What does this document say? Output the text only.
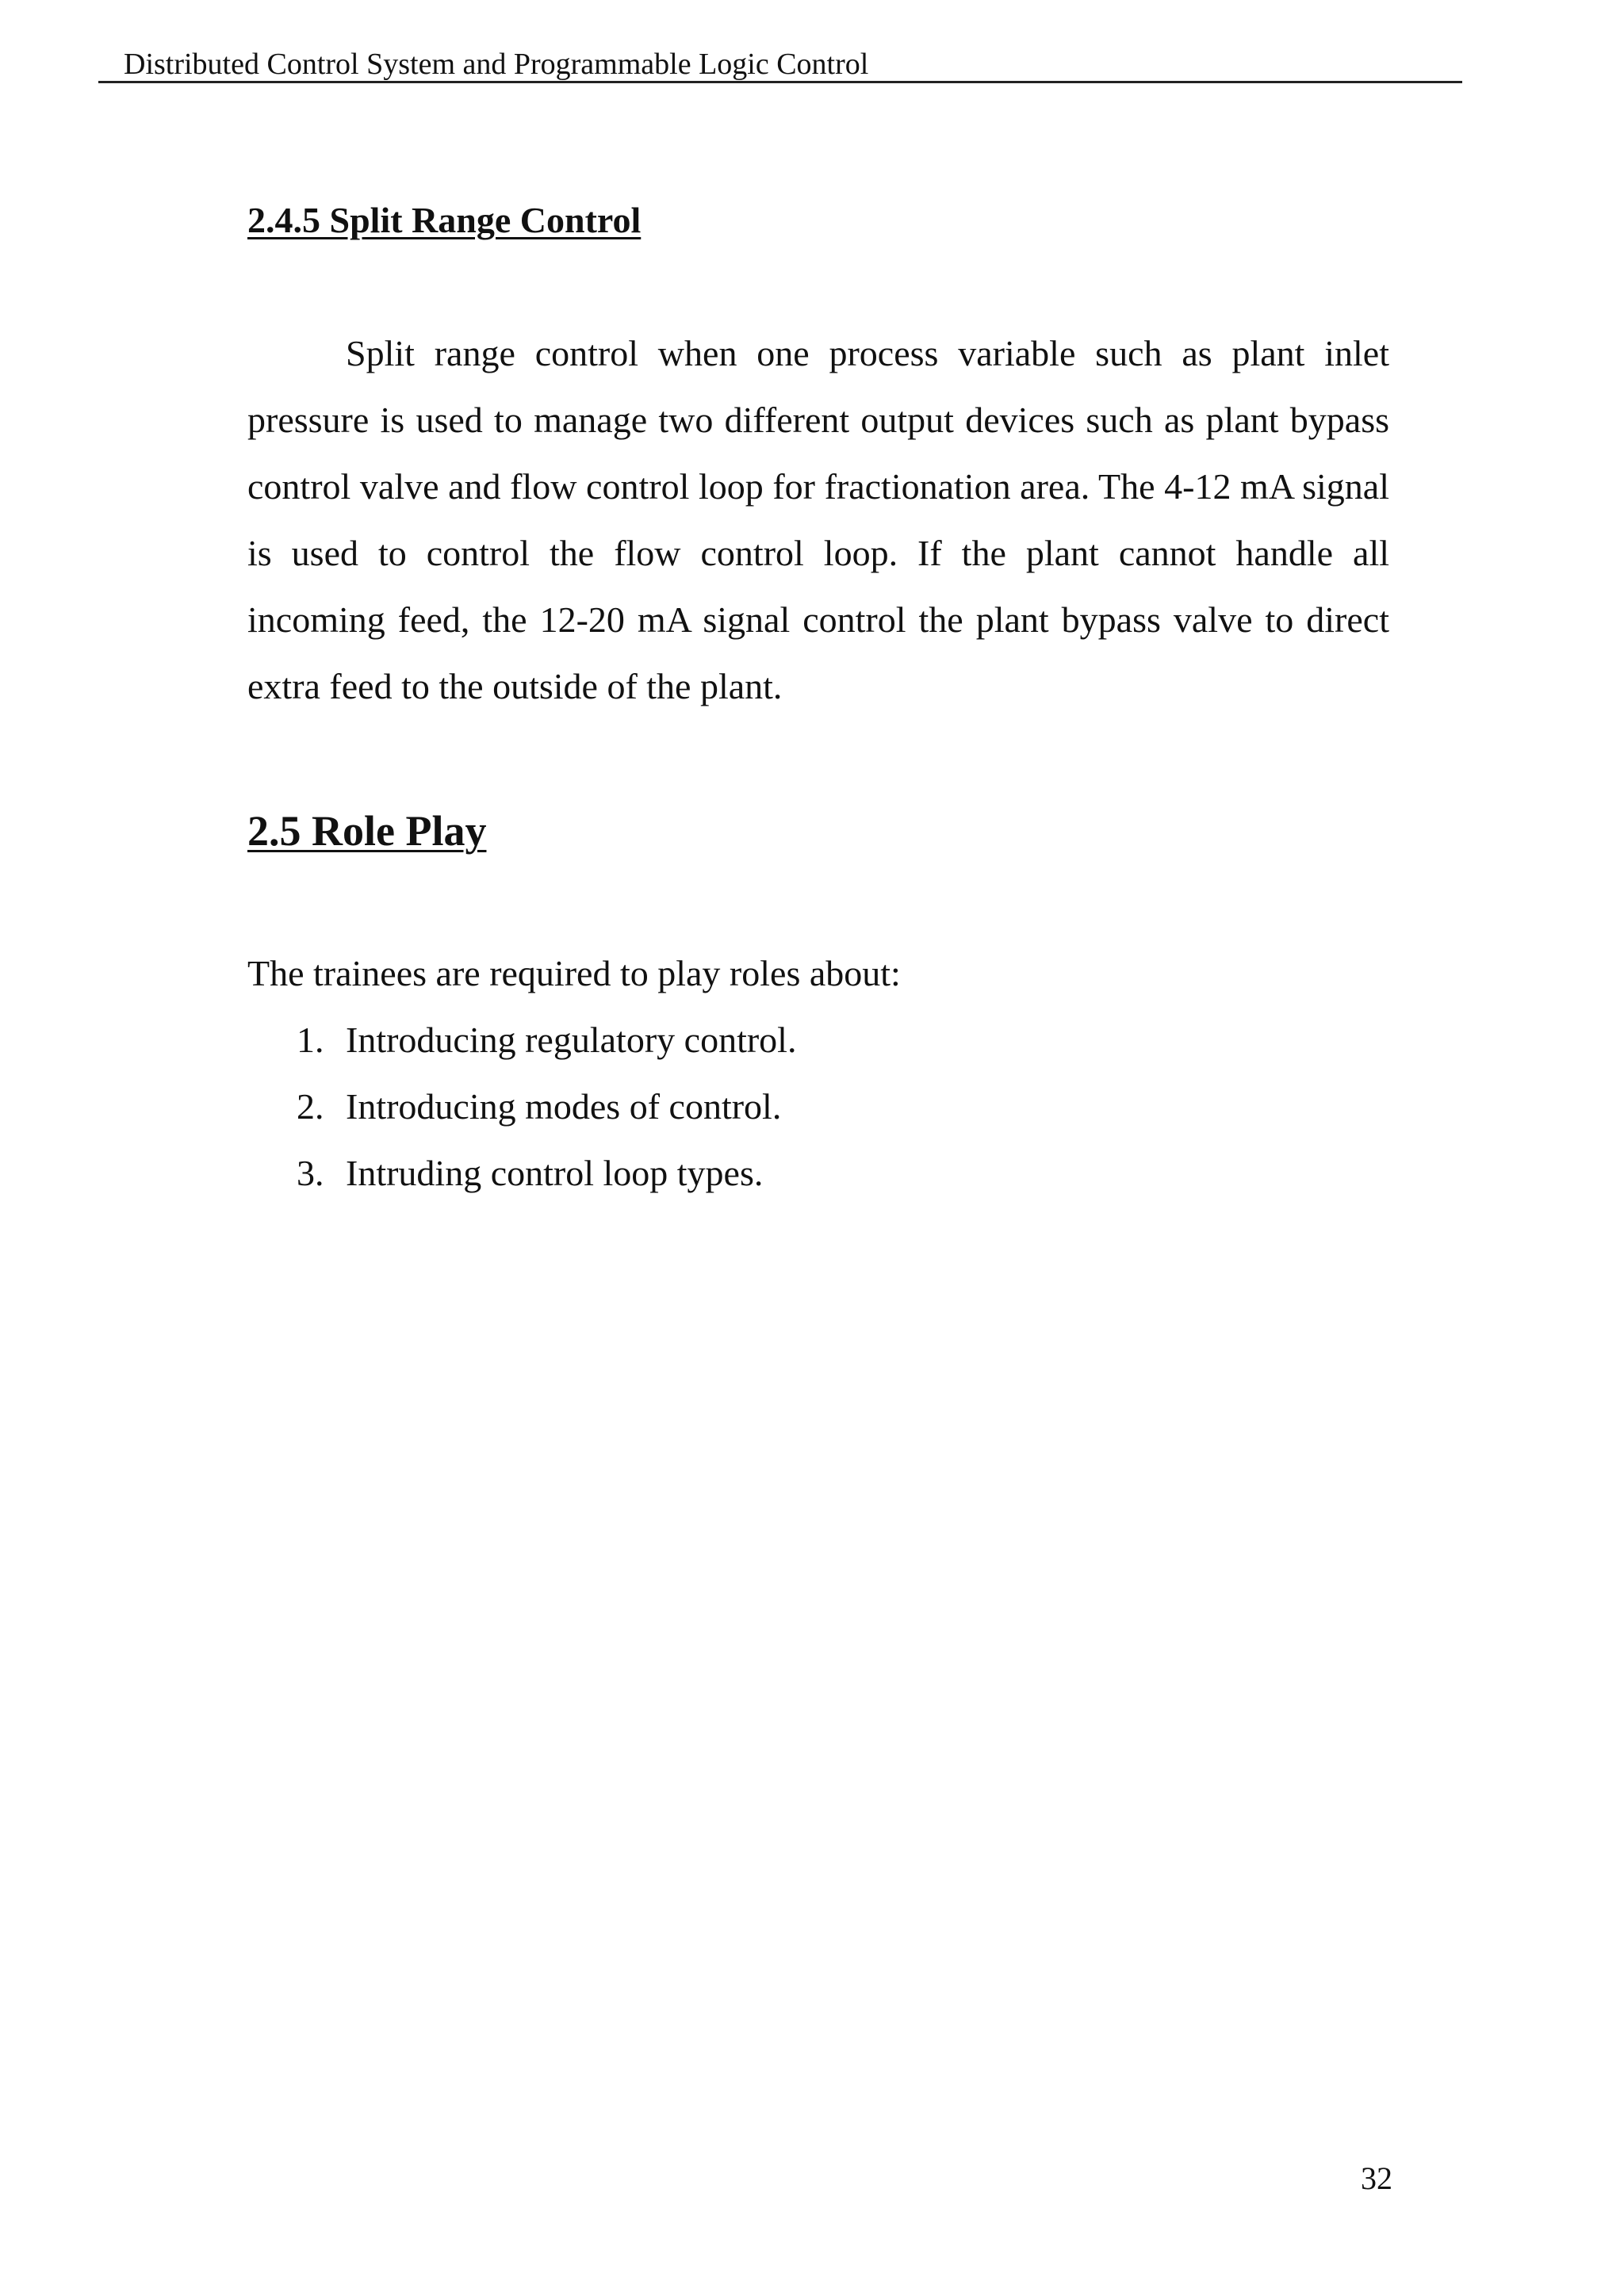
Distributed Control System and Programmable Logic Control
2.4.5 Split Range Control

Split range control when one process variable such as plant inlet pressure is used to manage two different output devices such as plant bypass control valve and flow control loop for fractionation area. The 4-12 mA signal is used to control the flow control loop. If the plant cannot handle all incoming feed, the 12-20 mA signal control the plant bypass valve to direct extra feed to the outside of the plant.

2.5 Role Play

The trainees are required to play roles about:

1. Introducing regulatory control.
2. Introducing modes of control.
3. Intruding control loop types.
32
